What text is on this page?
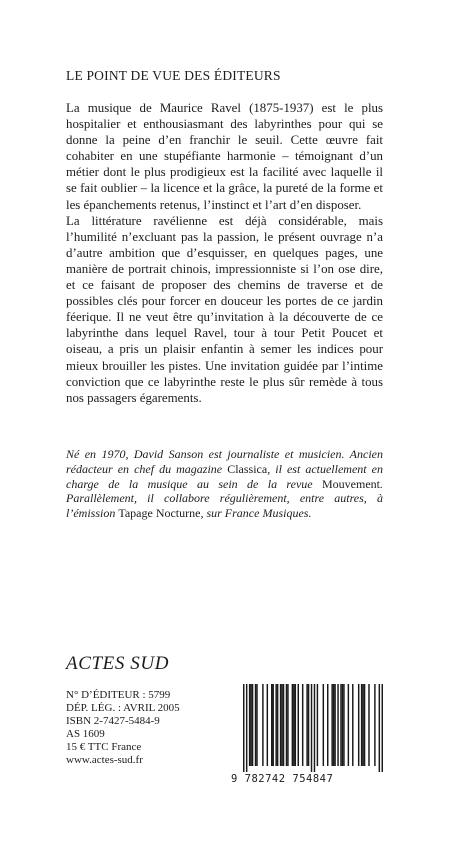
LE POINT DE VUE DES ÉDITEURS

La musique de Maurice Ravel (1875-1937) est le plus hospitalier et enthousiasmant des labyrinthes pour qui se donne la peine d’en franchir le seuil. Cette œuvre fait cohabiter en une stupéfiante harmonie – témoignant d’un métier dont le plus prodigieux est la facilité avec laquelle il se fait oublier – la licence et la grâce, la pureté de la forme et les épanchements retenus, l’instinct et l’art d’en disposer.

La littérature ravélienne est déjà considérable, mais l’humilité n’excluant pas la passion, le présent ouvrage n’a d’autre ambition que d’esquisser, en quelques pages, une manière de portrait chinois, impressionniste si l’on ose dire, et ce faisant de proposer des chemins de traverse et de possibles clés pour forcer en douceur les portes de ce jardin féerique. Il ne veut être qu’invitation à la découverte de ce labyrinthe dans lequel Ravel, tour à tour Petit Poucet et oiseau, a pris un plaisir enfantin à semer les indices pour mieux brouiller les pistes. Une invitation guidée par l’intime conviction que ce labyrinthe reste le plus sûr remède à tous nos passagers égarements.

Né en 1970, David Sanson est journaliste et musicien. Ancien rédacteur en chef du magazine Classica, il est actuellement en charge de la musique au sein de la revue Mouvement. Parallèlement, il collabore régulièrement, entre autres, à l’émission Tapage Nocturne, sur France Musiques.
ACTES SUD
N° D’ÉDITEUR : 5799
DÉP. LÉG. : AVRIL 2005
ISBN 2-7427-5484-9
AS 1609
15 € TTC France
www.actes-sud.fr
9 782742 754847
